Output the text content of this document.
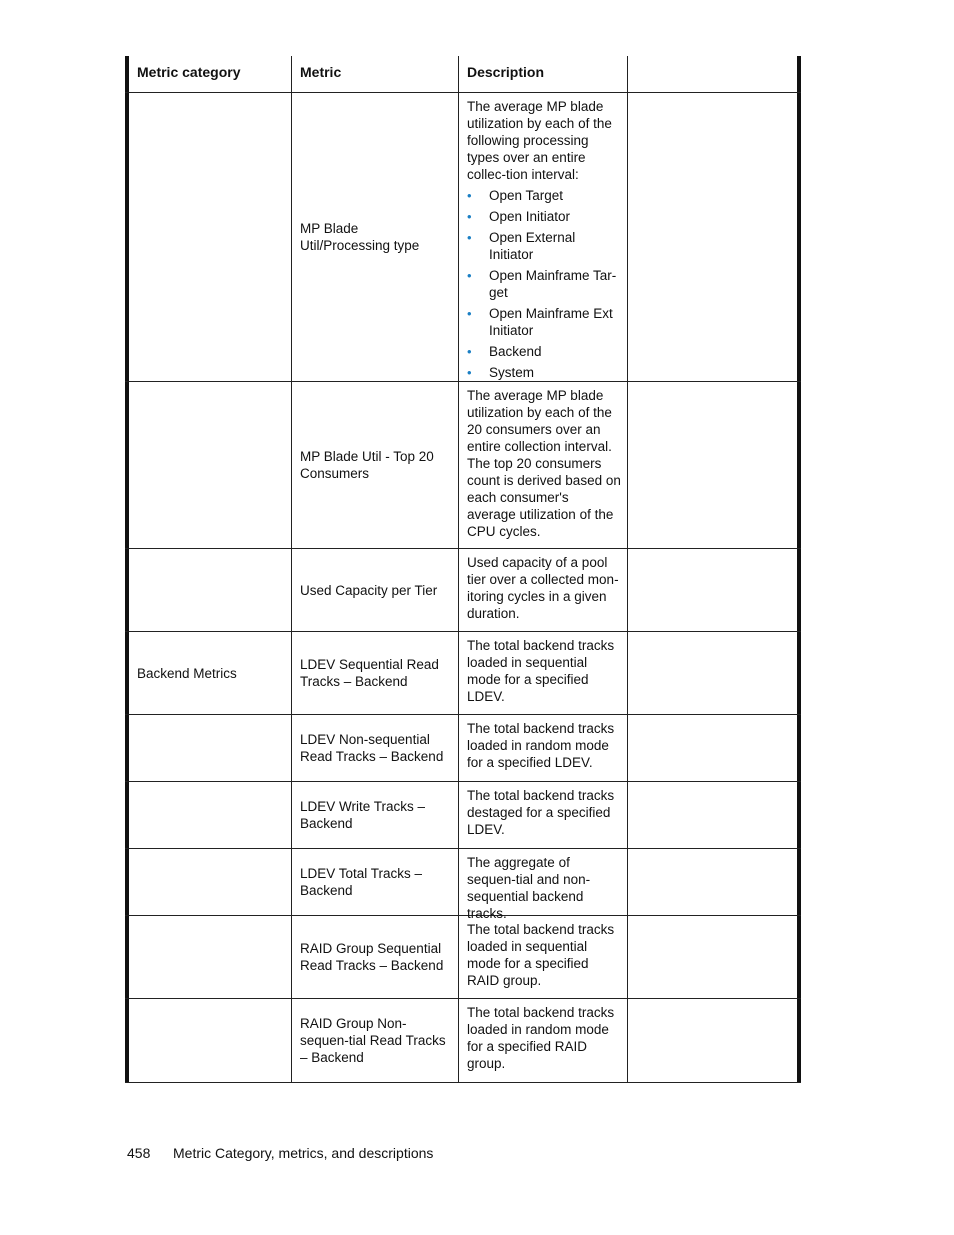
Metric category	Metric	Description
MP Blade Util/Processing type
The average MP blade utilization by each of the following processing types over an entire collec-tion interval:
• Open Target
• Open Initiator
• Open External Initiator
• Open Mainframe Tar-get
• Open Mainframe Ext Initiator
• Backend
• System
MP Blade Util - Top 20 Consumers
The average MP blade utilization by each of the 20 consumers over an entire collection interval. The top 20 consumers count is derived based on each consumer's average utilization of the CPU cycles.
Used Capacity per Tier
Used capacity of a pool tier over a collected mon-itoring cycles in a given duration.
Backend Metrics
LDEV Sequential Read Tracks – Backend
The total backend tracks loaded in sequential mode for a specified LDEV.
LDEV Non-sequential Read Tracks – Backend
The total backend tracks loaded in random mode for a specified LDEV.
LDEV Write Tracks – Backend
The total backend tracks destaged for a specified LDEV.
LDEV Total Tracks – Backend
The aggregate of sequen-tial and non-sequential backend tracks.
RAID Group Sequential Read Tracks – Backend
The total backend tracks loaded in sequential mode for a specified RAID group.
RAID Group Non-sequen-tial Read Tracks – Backend
The total backend tracks loaded in random mode for a specified RAID group.
458 Metric Category, metrics, and descriptions
